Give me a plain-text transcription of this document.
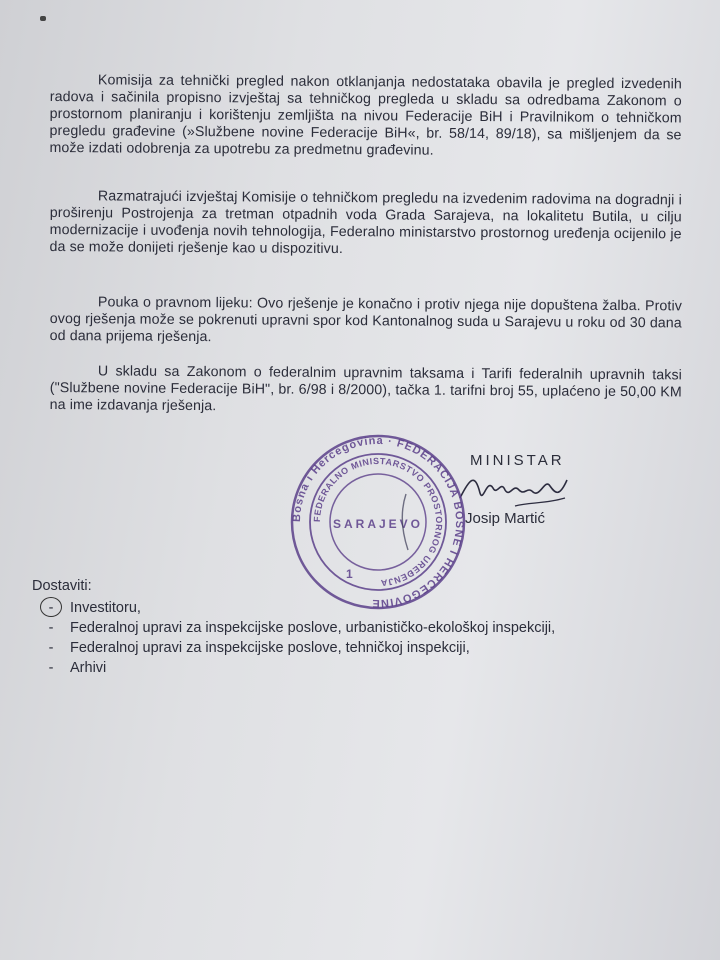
Komisija za tehnički pregled nakon otklanjanja nedostataka obavila je pregled izvedenih radova i sačinila propisno izvještaj sa tehničkog pregleda u skladu sa odredbama Zakonom o prostornom planiranju i korištenju zemljišta na nivou Federacije BiH i Pravilnikom o tehničkom pregledu građevine (»Službene novine Federacije BiH«, br. 58/14, 89/18), sa mišljenjem da se može izdati odobrenja za upotrebu za predmetnu građevinu.
Razmatrajući izvještaj Komisije o tehničkom pregledu na izvedenim radovima na dogradnji i proširenju Postrojenja za tretman otpadnih voda Grada Sarajeva, na lokalitetu Butila, u cilju modernizacije i uvođenja novih tehnologija, Federalno ministarstvo prostornog uređenja ocijenilo je da se može donijeti rješenje kao u dispozitivu.
Pouka o pravnom lijeku: Ovo rješenje je konačno i protiv njega nije dopuštena žalba. Protiv ovog rješenja može se pokrenuti upravni spor kod Kantonalnog suda u Sarajevu u roku od 30 dana od dana prijema rješenja.
U skladu sa Zakonom o federalnim upravnim taksama i Tarifi federalnih upravnih taksi ("Službene novine Federacije BiH", br. 6/98 i 8/2000), tačka 1. tarifni broj 55, uplaćeno je 50,00 KM na ime izdavanja rješenja.
MINISTAR
Josip Martić
Bosna i Hercegovina · FEDERACIJA BOSNE I HERCEGOVINE
FEDERALNO MINISTARSTVO PROSTORNOG UREĐENJA
SARAJEVO
1
Dostaviti:
- Investitoru,
- Federalnoj upravi za inspekcijske poslove, urbanističko-ekološkoj inspekciji,
- Federalnoj upravi za inspekcijske poslove, tehničkoj inspekciji,
- Arhivi
